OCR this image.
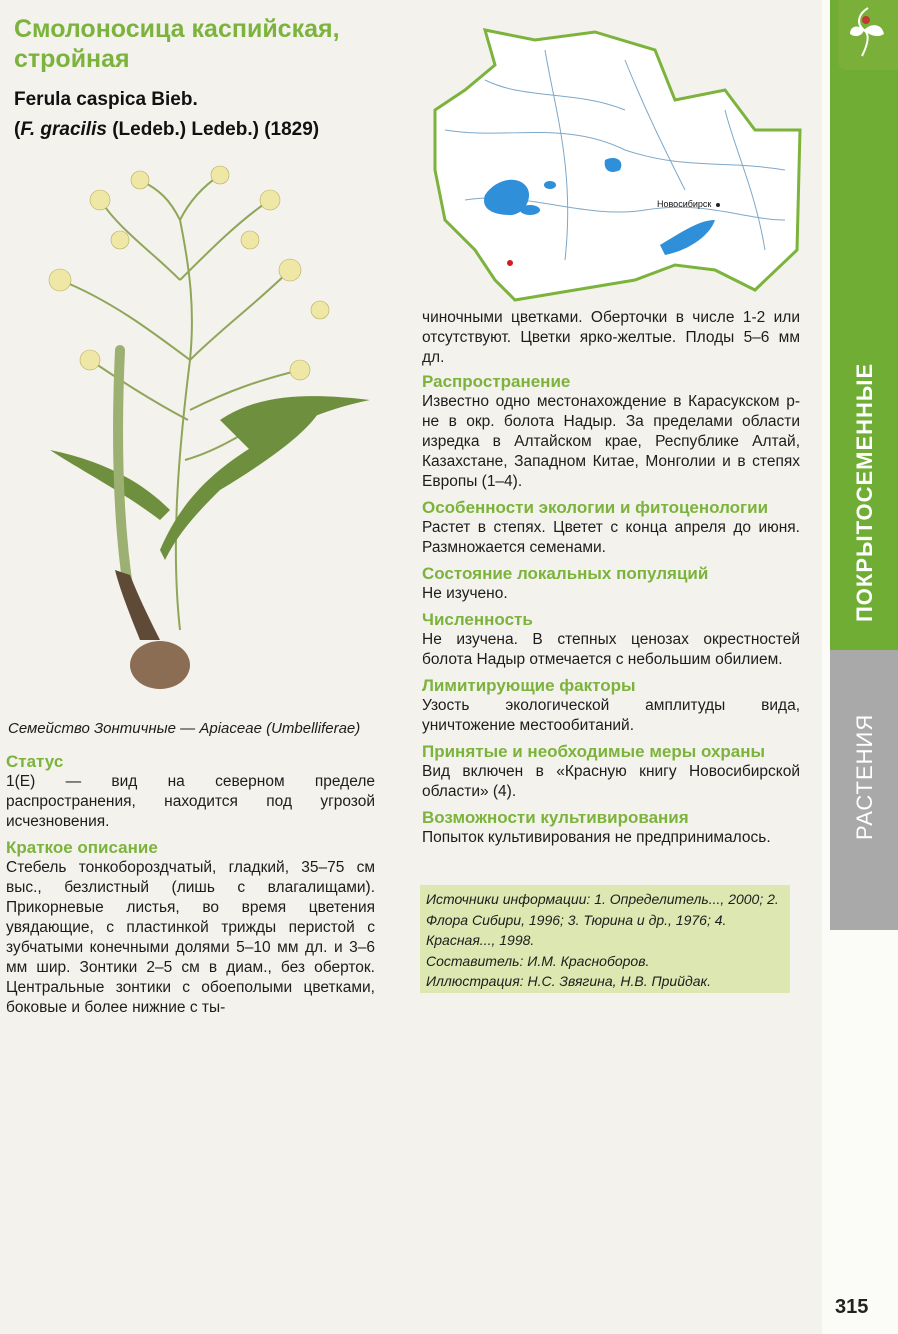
ПОКРЫТОСЕМЕННЫЕ
РАСТЕНИЯ
Смолоносица каспийская, стройная
Ferula caspica Bieb.
(F. gracilis (Ledeb.) Ledeb.) (1829)
Семейство Зонтичные — Apiaceae (Umbelliferae)
Статус

1(E) — вид на северном пределе распространения, находится под угрозой исчезновения.

Краткое описание

Стебель тонкобороздчатый, гладкий, 35–75 см выс., безлистный (лишь с влагалищами). Прикорневые листья, во время цветения увядающие, с пластинкой трижды перистой с зубчатыми конечными долями 5–10 мм дл. и 3–6 мм шир. Зонтики 2–5 см в диам., без оберток. Центральные зонтики с обоеполыми цветками, боковые и более нижние с ты-

Новосибирск

чиночными цветками. Оберточки в числе 1-2 или отсутствуют. Цветки ярко-желтые. Плоды 5–6 мм дл.

Распространение

Известно одно местонахождение в Карасукском р-не в окр. болота Надыр. За пределами области изредка в Алтайском крае, Республике Алтай, Казахстане, Западном Китае, Монголии и в степях Европы (1–4).

Особенности экологии и фитоценологии

Растет в степях. Цветет с конца апреля до июня. Размножается семенами.

Состояние локальных популяций

Не изучено.

Численность

Не изучена. В степных ценозах окрестностей болота Надыр отмечается с небольшим обилием.

Лимитирующие факторы

Узость экологической амплитуды вида, уничтожение местообитаний.

Принятые и необходимые меры охраны

Вид включен в «Красную книгу Новосибирской области» (4).

Возможности культивирования

Попыток культивирования не предпринималось.

Источники информации: 1. Определитель..., 2000; 2. Флора Сибири, 1996; 3. Тюрина и др., 1976; 4. Красная..., 1998.

Составитель: И.М. Красноборов.

Иллюстрация: Н.С. Звягина, Н.В. Прийдак.

315
